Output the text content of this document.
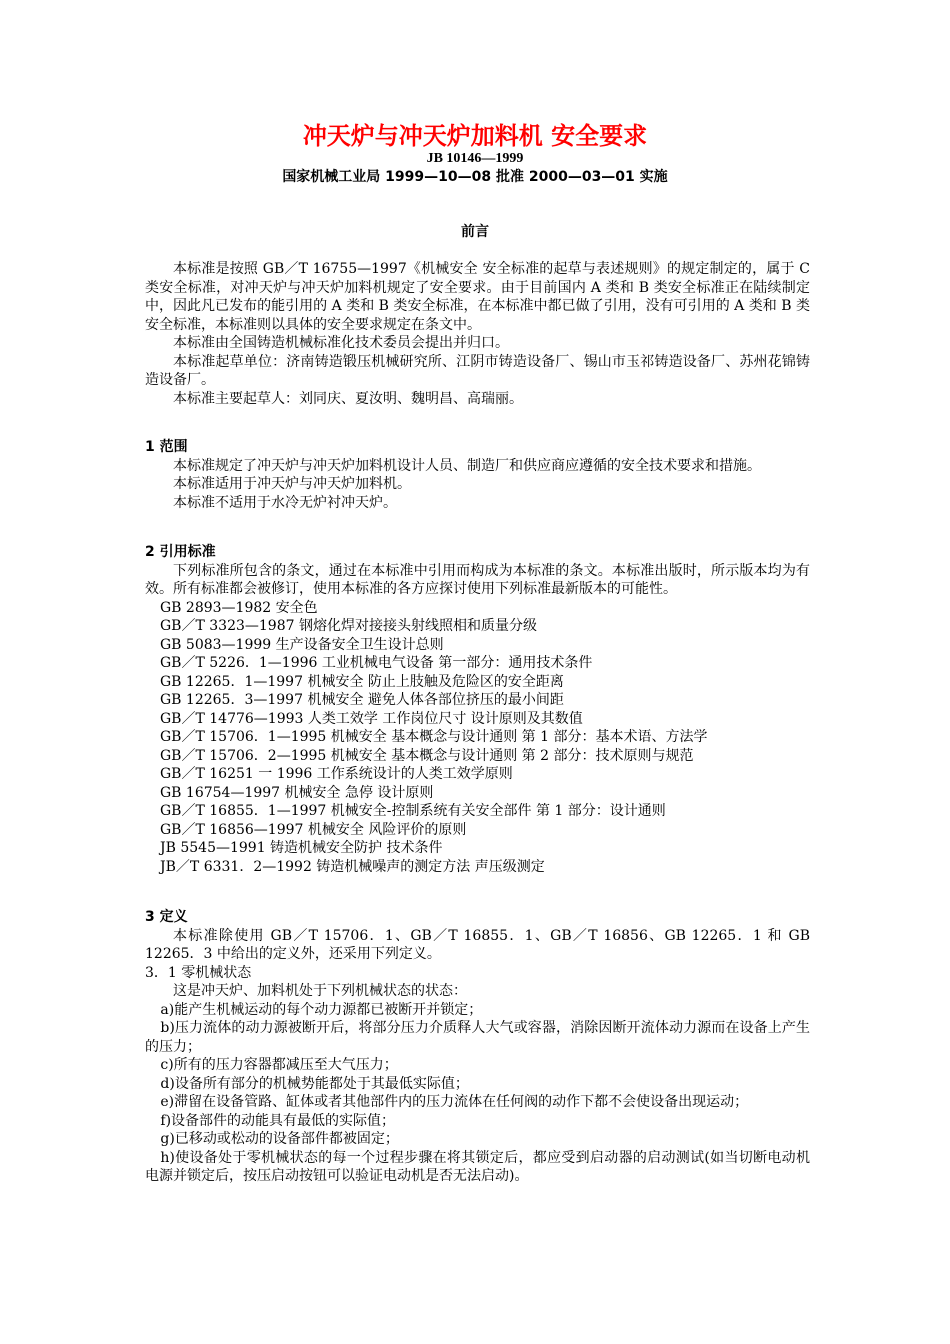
冲天炉与冲天炉加料机 安全要求
JB 10146—1999
国家机械工业局 1999—10—08 批准 2000—03—01 实施
前言

本标准是按照 GB／T 16755—1997《机械安全 安全标准的起草与表述规则》的规定制定的，属于 C 类安全标准，对冲天炉与冲天炉加料机规定了安全要求。由于目前国内 A 类和 B 类安全标准正在陆续制定中，因此凡已发布的能引用的 A 类和 B 类安全标准，在本标准中都已做了引用，没有可引用的 A 类和 B 类安全标准，本标准则以具体的安全要求规定在条文中。

本标准由全国铸造机械标准化技术委员会提出并归口。

本标准起草单位：济南铸造锻压机械研究所、江阴市铸造设备厂、锡山市玉祁铸造设备厂、苏州花锦铸造设备厂。

本标准主要起草人：刘同庆、夏汝明、魏明昌、高瑞丽。

1 范围

本标准规定了冲天炉与冲天炉加料机设计人员、制造厂和供应商应遵循的安全技术要求和措施。

本标准适用于冲天炉与冲天炉加料机。

本标准不适用于水冷无炉衬冲天炉。

2 引用标准

下列标准所包含的条文，通过在本标准中引用而构成为本标准的条文。本标准出版时，所示版本均为有效。所有标准都会被修订，使用本标准的各方应探讨使用下列标准最新版本的可能性。

GB 2893—1982 安全色

GB／T 3323—1987 钢熔化焊对接接头射线照相和质量分级

GB 5083—1999 生产设备安全卫生设计总则

GB／T 5226．1—1996 工业机械电气设备 第一部分：通用技术条件

GB 12265．1—1997 机械安全 防止上肢触及危险区的安全距离

GB 12265．3—1997 机械安全 避免人体各部位挤压的最小间距

GB／T 14776—1993 人类工效学 工作岗位尺寸 设计原则及其数值

GB／T 15706．1—1995 机械安全 基本概念与设计通则 第 1 部分：基本术语、方法学

GB／T 15706．2—1995 机械安全 基本概念与设计通则 第 2 部分：技术原则与规范

GB／T 16251 一 1996 工作系统设计的人类工效学原则

GB 16754—1997 机械安全 急停 设计原则

GB／T 16855．1—1997 机械安全-控制系统有关安全部件 第 1 部分：设计通则

GB／T 16856—1997 机械安全 风险评价的原则

JB 5545—1991 铸造机械安全防护 技术条件

JB／T 6331．2—1992 铸造机械噪声的测定方法 声压级测定

3 定义

本标准除使用 GB／T 15706．1、GB／T 16855．1、GB／T 16856、GB 12265．1 和 GB 12265．3 中给出的定义外，还采用下列定义。

3．1 零机械状态

这是冲天炉、加料机处于下列机械状态的状态：

a)能产生机械运动的每个动力源都已被断开并锁定；

b)压力流体的动力源被断开后，将部分压力介质释人大气或容器，消除因断开流体动力源而在设备上产生的压力；

c)所有的压力容器都减压至大气压力；

d)设备所有部分的机械势能都处于其最低实际值；

e)滞留在设备管路、缸体或者其他部件内的压力流体在任何阀的动作下都不会使设备出现运动；

f)设备部件的动能具有最低的实际值；

g)已移动或松动的设备部件都被固定；

h)使设备处于零机械状态的每一个过程步骤在将其锁定后，都应受到启动器的启动测试(如当切断电动机电源并锁定后，按压启动按钮可以验证电动机是否无法启动)。
